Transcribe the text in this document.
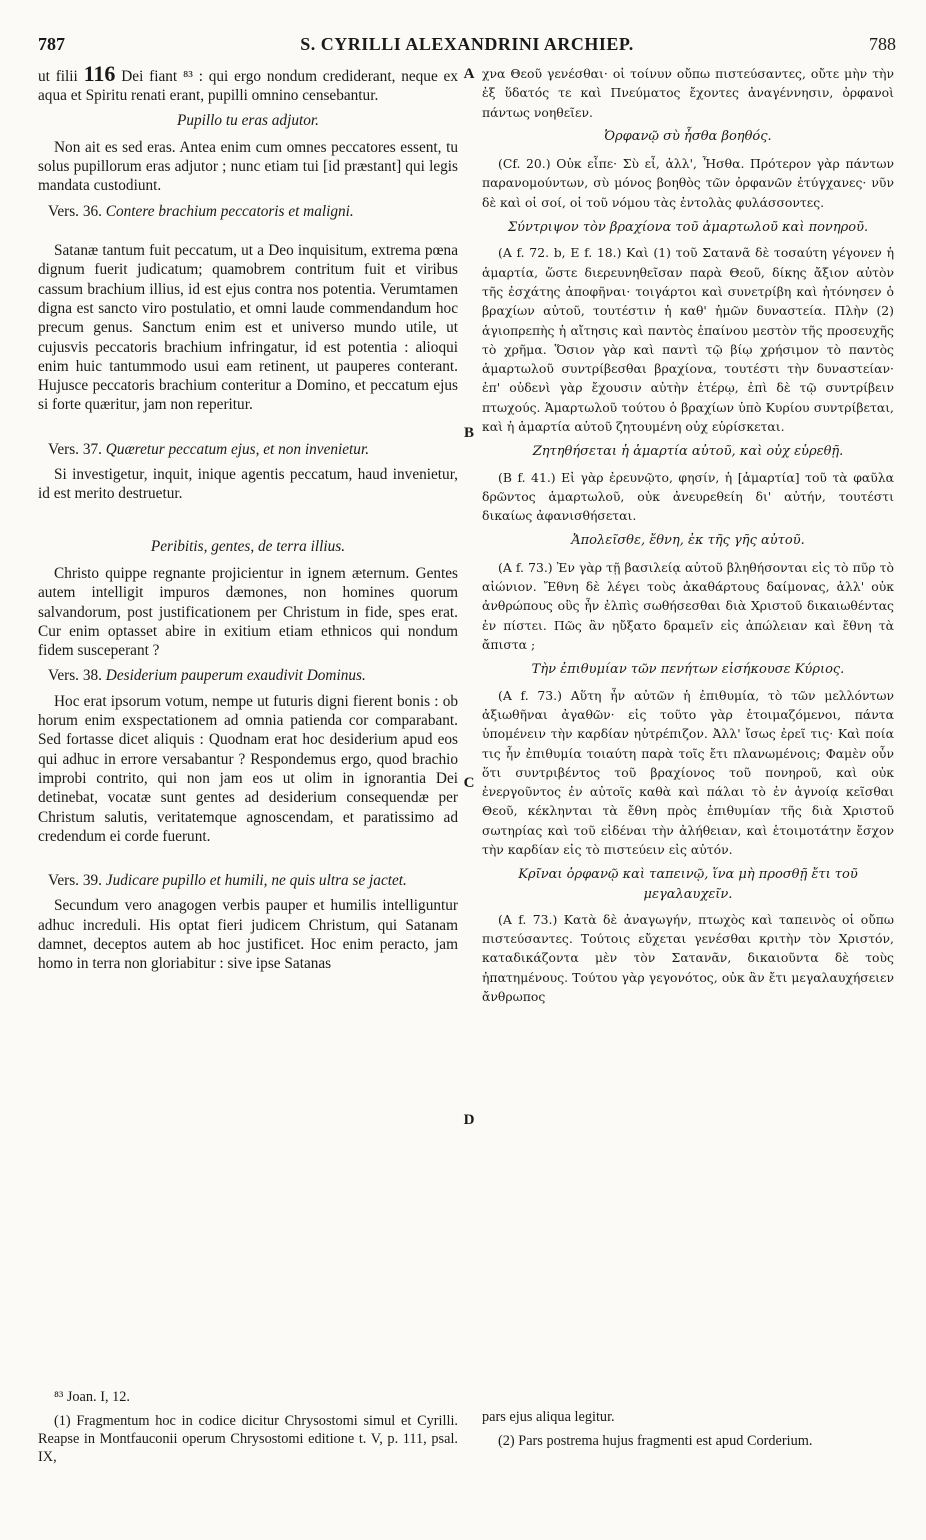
787	S. CYRILLI ALEXANDRINI ARCHIEP.	788
A
B
C
D

ut filii 116 Dei fiant ⁸³ : qui ergo nondum crediderant, neque ex aqua et Spiritu renati erant, pupilli omnino censebantur.

Pupillo tu eras adjutor.

Non ait es sed eras. Antea enim cum omnes peccatores essent, tu solus pupillorum eras adjutor ; nunc etiam tui [id præstant] qui legis mandata custodiunt.

Vers. 36. Contere brachium peccatoris et maligni.

Satanæ tantum fuit peccatum, ut a Deo inquisitum, extrema pœna dignum fuerit judicatum; quamobrem contritum fuit et viribus cassum brachium illius, id est ejus contra nos potentia. Verumtamen digna est sancto viro postulatio, et omni laude commendandum hoc precum genus. Sanctum enim est et universo mundo utile, ut cujusvis peccatoris brachium infringatur, id est potentia : alioqui enim huic tantummodo usui eam retinent, ut pauperes conterant. Hujusce peccatoris brachium conteritur a Domino, et peccatum ejus si forte quæritur, jam non reperitur.

Vers. 37. Quæretur peccatum ejus, et non invenietur.

Si investigetur, inquit, inique agentis peccatum, haud invenietur, id est merito destruetur.

Peribitis, gentes, de terra illius.

Christo quippe regnante projicientur in ignem æternum. Gentes autem intelligit impuros dæmones, non homines quorum salvandorum, post justificationem per Christum in fide, spes erat. Cur enim optasset abire in exitium etiam ethnicos qui nondum fidem susceperant ?

Vers. 38. Desiderium pauperum exaudivit Dominus.

Hoc erat ipsorum votum, nempe ut futuris digni fierent bonis : ob horum enim exspectationem ad omnia patienda cor comparabant. Sed fortasse dicet aliquis : Quodnam erat hoc desiderium apud eos qui adhuc in errore versabantur ? Respondemus ergo, quod brachio improbi contrito, qui non jam eos ut olim in ignorantia Dei detinebat, vocatæ sunt gentes ad desiderium consequendæ per Christum salutis, veritatemque agnoscendam, et paratissimo ad credendum ei corde fuerunt.

Vers. 39. Judicare pupillo et humili, ne quis ultra se jactet.

Secundum vero anagogen verbis pauper et humilis intelliguntur adhuc increduli. His optat fieri judicem Christum, qui Satanam damnet, deceptos autem ab hoc justificet. Hoc enim peracto, jam homo in terra non gloriabitur : sive ipse Satanas

χνα Θεοῦ γενέσθαι· οἱ τοίνυν οὔπω πιστεύσαντες, οὔτε μὴν τὴν ἐξ ὕδατός τε καὶ Πνεύματος ἔχοντες ἀναγέννησιν, ὀρφανοὶ πάντως νοηθεῖεν.

Ὀρφανῷ σὺ ἦσθα βοηθός.

(Cf. 20.) Οὐκ εἶπε· Σὺ εἶ, ἀλλ', Ἦσθα. Πρότερον γὰρ πάντων παρανομούντων, σὺ μόνος βοηθὸς τῶν ὀρφανῶν ἐτύγχανες· νῦν δὲ καὶ οἱ σοί, οἱ τοῦ νόμου τὰς ἐντολὰς φυλάσσοντες.

Σύντριψον τὸν βραχίονα τοῦ ἁμαρτωλοῦ καὶ πονηροῦ.

(A f. 72. b, E f. 18.) Καὶ (1) τοῦ Σατανᾶ δὲ τοσαύτη γέγονεν ἡ ἁμαρτία, ὥστε διερευνηθεῖσαν παρὰ Θεοῦ, δίκης ἄξιον αὐτὸν τῆς ἐσχάτης ἀποφῆναι· τοιγάρτοι καὶ συνετρίβη καὶ ἠτόνησεν ὁ βραχίων αὐτοῦ, τουτέστιν ἡ καθ' ἡμῶν δυναστεία. Πλὴν (2) ἁγιοπρεπὴς ἡ αἴτησις καὶ παντὸς ἐπαίνου μεστὸν τῆς προσευχῆς τὸ χρῆμα. Ὅσιον γὰρ καὶ παντὶ τῷ βίῳ χρήσιμον τὸ παντὸς ἁμαρτωλοῦ συντρίβεσθαι βραχίονα, τουτέστι τὴν δυναστείαν· ἐπ' οὐδενὶ γὰρ ἔχουσιν αὐτὴν ἑτέρῳ, ἐπὶ δὲ τῷ συντρίβειν πτωχούς. Ἁμαρτωλοῦ τούτου ὁ βραχίων ὑπὸ Κυρίου συντρίβεται, καὶ ἡ ἁμαρτία αὐτοῦ ζητουμένη οὐχ εὑρίσκεται.

Ζητηθήσεται ἡ ἁμαρτία αὐτοῦ, καὶ οὐχ εὑρεθῇ.

(B f. 41.) Εἰ γὰρ ἐρευνῷτο, φησίν, ἡ [ἁμαρτία] τοῦ τὰ φαῦλα δρῶντος ἁμαρτωλοῦ, οὐκ ἀνευρεθείη δι' αὐτήν, τουτέστι δικαίως ἀφανισθήσεται.

Ἀπολεῖσθε, ἔθνη, ἐκ τῆς γῆς αὐτοῦ.

(A f. 73.) Ἐν γὰρ τῇ βασιλείᾳ αὐτοῦ βληθήσονται εἰς τὸ πῦρ τὸ αἰώνιον. Ἔθνη δὲ λέγει τοὺς ἀκαθάρτους δαίμονας, ἀλλ' οὐκ ἀνθρώπους οὓς ἦν ἐλπὶς σωθήσεσθαι διὰ Χριστοῦ δικαιωθέντας ἐν πίστει. Πῶς ἂν ηὔξατο δραμεῖν εἰς ἀπώλειαν καὶ ἔθνη τὰ ἄπιστα ;

Τὴν ἐπιθυμίαν τῶν πενήτων εἰσήκουσε Κύριος.

(A f. 73.) Αὕτη ἦν αὐτῶν ἡ ἐπιθυμία, τὸ τῶν μελλόντων ἀξιωθῆναι ἀγαθῶν· εἰς τοῦτο γὰρ ἑτοιμαζόμενοι, πάντα ὑπομένειν τὴν καρδίαν ηὐτρέπιζον. Ἀλλ' ἴσως ἐρεῖ τις· Καὶ ποία τις ἦν ἐπιθυμία τοιαύτη παρὰ τοῖς ἔτι πλανωμένοις; Φαμὲν οὖν ὅτι συντριβέντος τοῦ βραχίονος τοῦ πονηροῦ, καὶ οὐκ ἐνεργοῦντος ἐν αὐτοῖς καθὰ καὶ πάλαι τὸ ἐν ἀγνοίᾳ κεῖσθαι Θεοῦ, κέκληνται τὰ ἔθνη πρὸς ἐπιθυμίαν τῆς διὰ Χριστοῦ σωτηρίας καὶ τοῦ εἰδέναι τὴν ἀλήθειαν, καὶ ἑτοιμοτάτην ἔσχον τὴν καρδίαν εἰς τὸ πιστεύειν εἰς αὐτόν.

Κρῖναι ὀρφανῷ καὶ ταπεινῷ, ἵνα μὴ προσθῇ ἔτι τοῦ μεγαλαυχεῖν.

(A f. 73.) Κατὰ δὲ ἀναγωγήν, πτωχὸς καὶ ταπεινὸς οἱ οὔπω πιστεύσαντες. Τούτοις εὔχεται γενέσθαι κριτὴν τὸν Χριστόν, καταδικάζοντα μὲν τὸν Σατανᾶν, δικαιοῦντα δὲ τοὺς ἠπατημένους. Τούτου γὰρ γεγονότος, οὐκ ἂν ἔτι μεγαλαυχήσειεν ἄνθρωπος

⁸³ Joan. I, 12.

(1) Fragmentum hoc in codice dicitur Chrysostomi simul et Cyrilli. Reapse in Montfauconii operum Chrysostomi editione t. V, p. 111, psal. IX,

pars ejus aliqua legitur.

(2) Pars postrema hujus fragmenti est apud Corderium.
